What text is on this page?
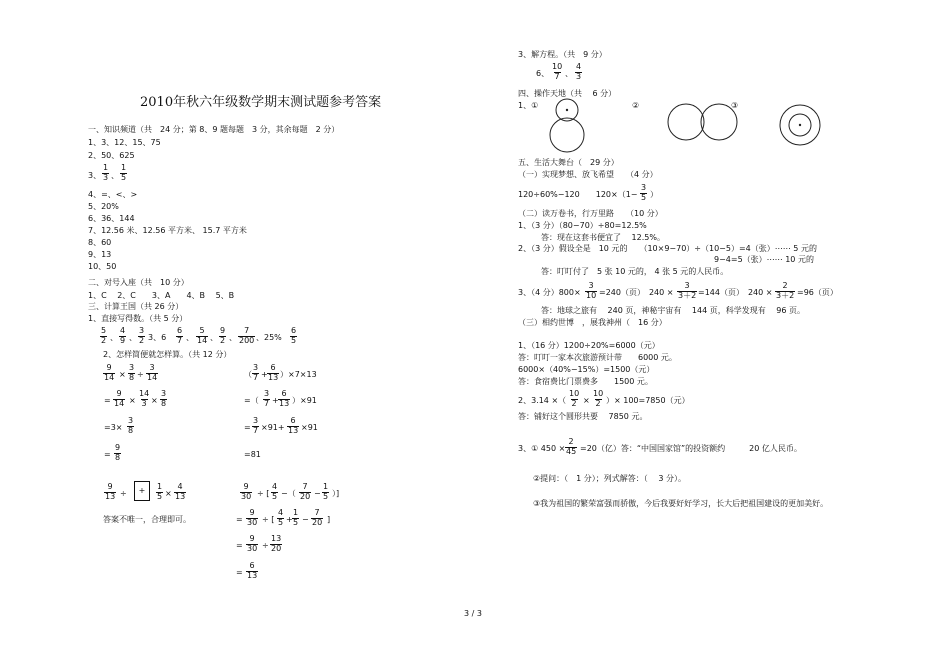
2010年秋六年级数学期末测试题参考答案
一、知识频道（共　24 分；第 8、9 题每题　3 分，其余每题　2 分）
1、3、12、15、75
2、50、625
3、 $\frac{1}{3}$ 、 $\frac{1}{5}$
4、=、<、>
5、20%
6、36、144
7、12.56 米、12.56 平方米、 15.7 平方米
8、60
9、13
10、50
二、对号入座（共　10 分）
1、C　 2、C　　3、A　　4、B　 5、B
三、计算王国（共 26 分）
1、直接写得数。（共 5 分）
$\frac{5}{2}$ 、 $\frac{4}{9}$ 、 $\frac{3}{2} 3$、$6 \frac{6}{7}$ 、 $\frac{5}{14}$ 、 $\frac{9}{2}$ 、 $\frac{7}{200}$ 、$25\% \frac{6}{5}$
2、怎样简便就怎样算。（共 12 分）
$\frac{9}{14} \times \frac{3}{8} \div \frac{3}{14}$
= $\frac{9}{14} \times \frac{14}{3} \times \frac{3}{8}$
$=3\times \frac{3}{8}$
= $\frac{9}{8}$
（ $\frac{3}{7} + \frac{6}{13} )\times 7\times 13$
=（ $\frac{3}{7} + \frac{6}{13} )\times 91$
= $\frac{3}{7} \times 91+ \frac{6}{13} \times 91$
=81
$\frac{9}{13}$ ÷	+	$\frac{1}{5} \times \frac{4}{13}$
答案不唯一，合理即可。
$\frac{9}{30}$ ÷ [ $\frac{4}{5}$ −（ $\frac{7}{20} - \frac{1}{5}$ ）]
= $\frac{9}{30}$ ÷ [ $\frac{4}{5} + \frac{1}{5} - \frac{7}{20}$ ]
= $\frac{9}{30} \div \frac{13}{20}$
= $\frac{6}{13}$
3、解方程。（共　9 分）
6、 $\frac{10}{7}$ 、 $\frac{4}{3}$
四、操作天地（共　 6 分）
1、①	②	③
五、生活大舞台（　29 分）
（一）实现梦想、放飞希望　　（4 分）
120÷60%−120　　$120\times(1- \frac{3}{5}$ ）
（二）读万卷书，行万里路　　（10 分）
1、（3 分）（80−70）÷80=12.5%
答：现在这套书便宜了　 12.5%。
2、（3 分）假设全是　10 元的　　（10×9−70）÷（10−5）=4（张）⋯⋯ 5 元的
9−4=5（张）⋯⋯ 10 元的
答：叮叮付了　5 张 10 元的， 4 张 5 元的人民币。
3、（4 分）$800\times \frac{3}{10} =240$（页）　$240 \times \frac{3}{3+2} =144$（页）　$240 \times \frac{2}{3+2} =96$（页）
答：地球之旅有　 240 页，神秘宇宙有　 144 页，科学发现有　 96 页。
（三）相约世博　，展我神州（　16 分）
1、（16 分）1200÷20%=6000（元）
答：叮叮一家本次旅游预计带　　6000 元。
6000×（40%−15%）=1500（元）
答：食宿费比门票费多　　1500 元。
2、3.14 ×（ $\frac{10}{2} \times \frac{10}{2}$ ）× 100=7850（元）
答：铺好这个圆形共要　 7850 元。
3、① $450 \times \frac{2}{45} =20$（亿）答：“中国国家馆”的投资额约　　　20 亿人民币。
②提问：（　1 分）；列式解答：（　 3 分）。
③我为祖国的繁荣富强而骄傲，今后我要好好学习，长大后把祖国建设的更加美好。
3 / 3
